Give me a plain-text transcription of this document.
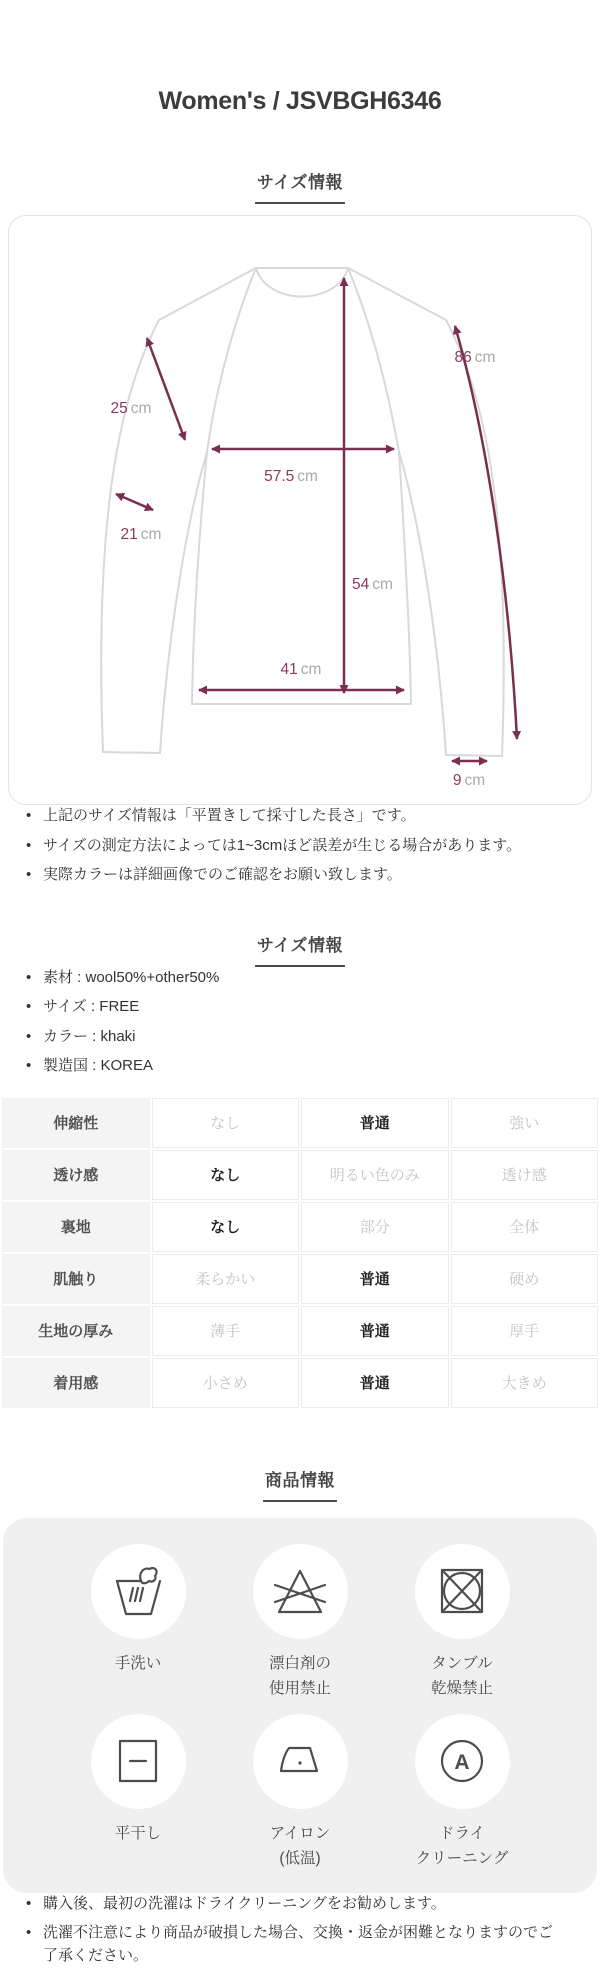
Women's / JSVBGH6346
サイズ情報
25 cm
86 cm
57.5 cm
21 cm
54 cm
41 cm
9 cm
• 上記のサイズ情報は「平置きして採寸した長さ」です。
• サイズの測定方法によっては1~3cmほど誤差が生じる場合があります。
• 実際カラーは詳細画像でのご確認をお願い致します。
サイズ情報
• 素材 : wool50%+other50%
• サイズ : FREE
• カラー : khaki
• 製造国 : KOREA
伸縮性	なし	普通	強い
透け感	なし	明るい色のみ	透け感
裏地	なし	部分	全体
肌触り	柔らかい	普通	硬め
生地の厚み	薄手	普通	厚手
着用感	小さめ	普通	大きめ
商品情報
手洗い	漂白剤の
使用禁止
タンブル
乾燥禁止
平干し	アイロン
(低温)
A
ドライ
クリーニング
• 購入後、最初の洗濯はドライクリーニングをお勧めします。
• 洗濯不注意により商品が破損した場合、交換・返金が困難となりますのでご了承ください。
